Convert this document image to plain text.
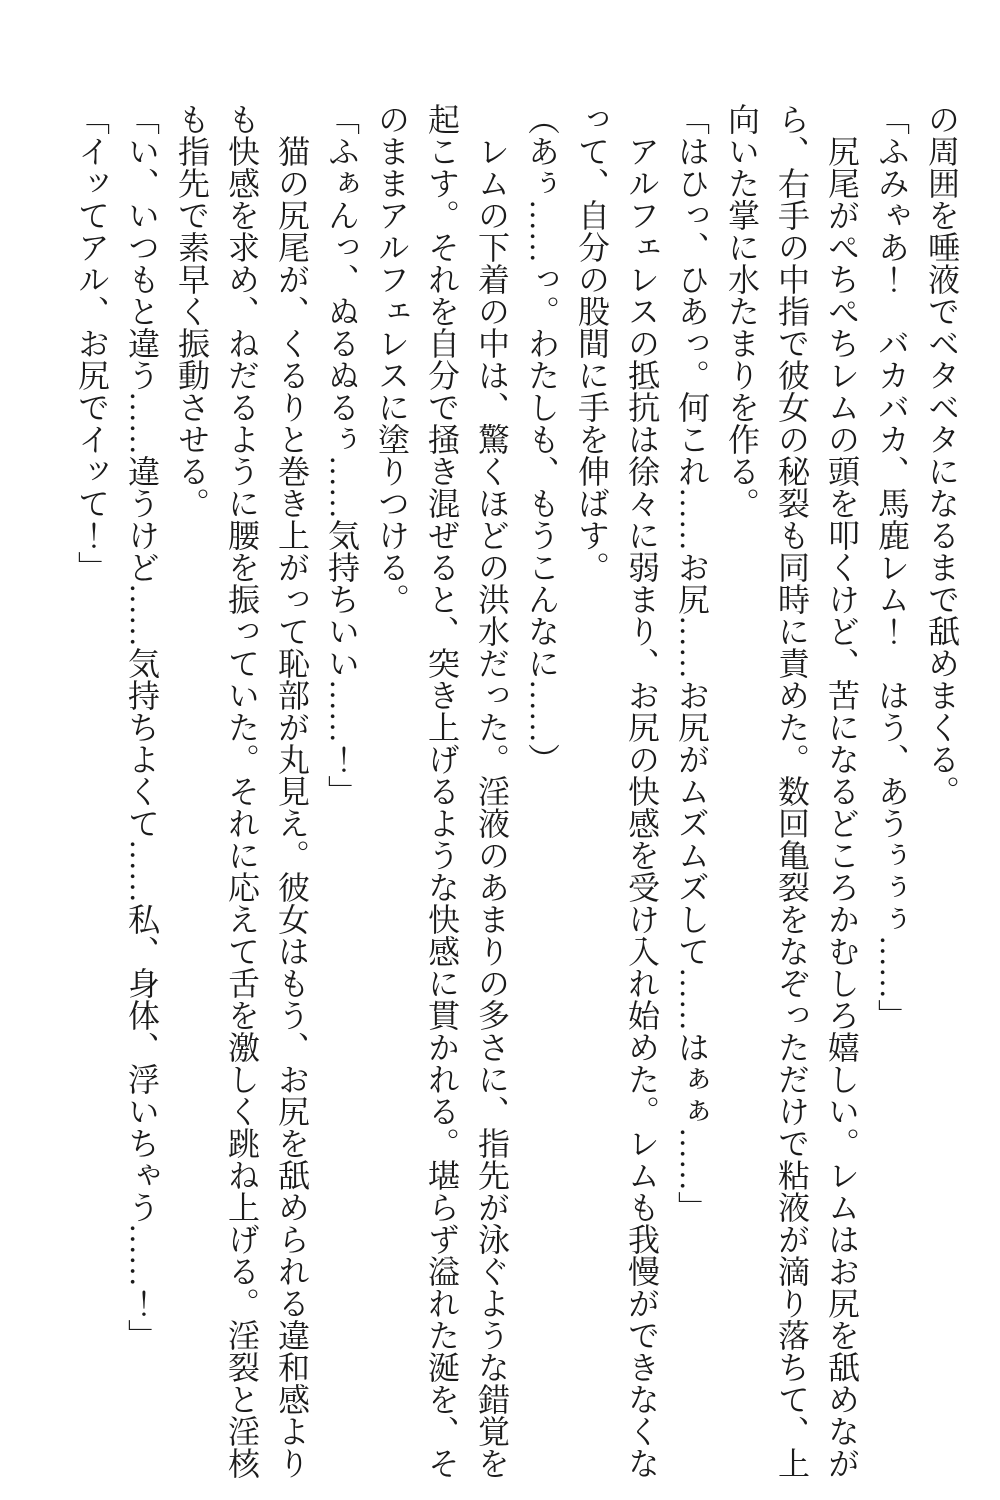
の周囲を唾液でベタベタになるまで舐めまくる。

「ふみゃあ！　バカバカ、馬鹿レム！　はう、あうぅぅぅ……」

尻尾がぺちぺちレムの頭を叩くけど、苦になるどころかむしろ嬉しい。レムはお尻を舐めながら、右手の中指で彼女の秘裂も同時に責めた。数回亀裂をなぞっただけで粘液が滴り落ちて、上向いた掌に水たまりを作る。

「はひっ、ひあっ。何これ……お尻……お尻がムズムズして……はぁぁ……」

アルフェレスの抵抗は徐々に弱まり、お尻の快感を受け入れ始めた。レムも我慢ができなくなって、自分の股間に手を伸ばす。

（あぅ……っ。わたしも、もうこんなに……）

レムの下着の中は、驚くほどの洪水だった。淫液のあまりの多さに、指先が泳ぐような錯覚を起こす。それを自分で掻き混ぜると、突き上げるような快感に貫かれる。堪らず溢れた涎を、そのままアルフェレスに塗りつける。

「ふぁんっ、ぬるぬるぅ……気持ちいい……！」

猫の尻尾が、くるりと巻き上がって恥部が丸見え。彼女はもう、お尻を舐められる違和感よりも快感を求め、ねだるように腰を振っていた。それに応えて舌を激しく跳ね上げる。淫裂と淫核も指先で素早く振動させる。

「い、いつもと違う……違うけど……気持ちよくて……私、身体、浮いちゃう……！」

「イッてアル、お尻でイッて！」
